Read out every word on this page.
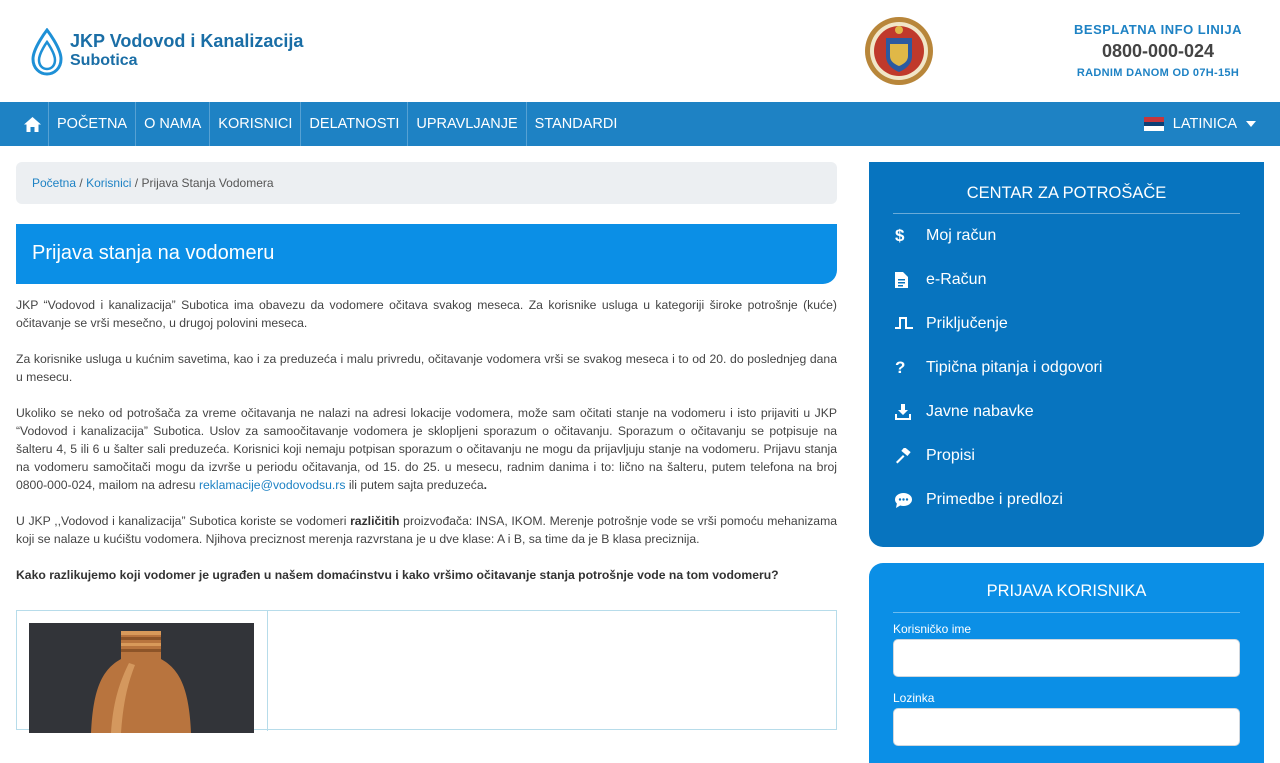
JKP Vodovod i Kanalizacija
Subotica
BESPLATNA INFO LINIJA
0800-000-024
RADNIM DANOM OD 07H-15H
POČETNA	O NAMA	KORISNICI	DELATNOSTI	UPRAVLJANJE	STANDARDI	LATINICA
Početna / Korisnici / Prijava Stanja Vodomera
Prijava stanja na vodomeru

JKP “Vodovod i kanalizacija” Subotica ima obavezu da vodomere očitava svakog meseca. Za korisnike usluga u kategoriji široke potrošnje (kuće) očitavanje se vrši mesečno, u drugoj polovini meseca.

Za korisnike usluga u kućnim savetima, kao i za preduzeća i malu privredu, očitavanje vodomera vrši se svakog meseca i to od 20. do poslednjeg dana u mesecu.

Ukoliko se neko od potrošača za vreme očitavanja ne nalazi na adresi lokacije vodomera, može sam očitati stanje na vodomeru i isto prijaviti u JKP “Vodovod i kanalizacija” Subotica. Uslov za samoočitavanje vodomera je sklopljeni sporazum o očitavanju. Sporazum o očitavanju se potpisuje na šalteru 4, 5 ili 6 u šalter sali preduzeća. Korisnici koji nemaju potpisan sporazum o očitavanju ne mogu da prijavljuju stanje na vodomeru. Prijavu stanja na vodomeru samočitači mogu da izvrše u periodu očitavanja, od 15. do 25. u mesecu, radnim danima i to: lično na šalteru, putem telefona na broj 0800-000-024, mailom na adresu reklamacije@vodovodsu.rs ili putem sajta preduzeća.

U JKP ,,Vodovod i kanalizacija” Subotica koriste se vodomeri različitih proizvođača: INSA, IKOM. Merenje potrošnje vode se vrši pomoću mehanizama koji se nalaze u kućištu vodomera. Njihova preciznost merenja razvrstana je u dve klase: A i B, sa time da je B klasa preciznija.

Kako razlikujemo koji vodomer je ugrađen u našem domaćinstvu i kako vršimo očitavanje stanja potrošnje vode na tom vodomeru?

CENTAR ZA POTROŠAČE
$	Moj račun
e-Račun
Priključenje
?	Tipična pitanja i odgovori
Javne nabavke
Propisi
Primedbe i predlozi
PRIJAVA KORISNIKA
Korisničko ime
Lozinka
